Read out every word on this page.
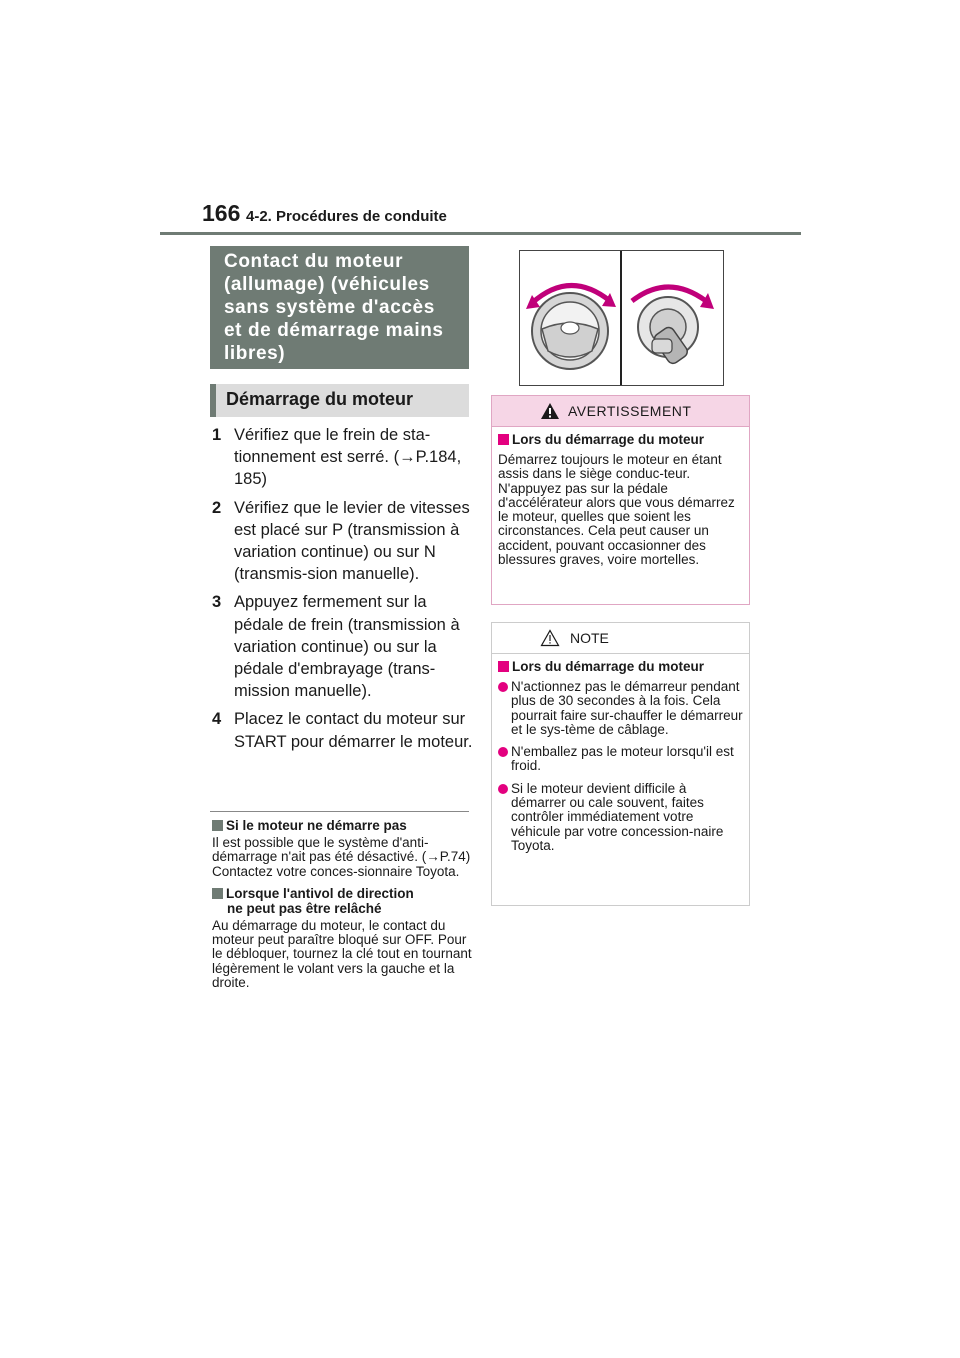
166 4-2. Procédures de conduite
Contact du moteur (allumage) (véhicules sans système d'accès et de démarrage mains libres)
Démarrage du moteur
1 Vérifiez que le frein de sta-tionnement est serré. (→P.184, 185)
2 Vérifiez que le levier de vitesses est placé sur P (transmission à variation continue) ou sur N (transmis-sion manuelle).
3 Appuyez fermement sur la pédale de frein (transmission à variation continue) ou sur la pédale d'embrayage (trans-mission manuelle).
4 Placez le contact du moteur sur START pour démarrer le moteur.
Si le moteur ne démarre pas
Il est possible que le système d'anti-démarrage n'ait pas été désactivé. (→P.74) Contactez votre conces-sionnaire Toyota.
Lorsque l'antivol de direction
ne peut pas être relâché
Au démarrage du moteur, le contact du moteur peut paraître bloqué sur OFF. Pour le débloquer, tournez la clé tout en tournant légèrement le volant vers la gauche et la droite.
AVERTISSEMENT
Lors du démarrage du moteur
Démarrez toujours le moteur en étant assis dans le siège conduc-teur. N'appuyez pas sur la pédale d'accélérateur alors que vous démarrez le moteur, quelles que soient les circonstances. Cela peut causer un accident, pouvant occasionner des blessures graves, voire mortelles.
NOTE
Lors du démarrage du moteur
N'actionnez pas le démarreur pendant plus de 30 secondes à la fois. Cela pourrait faire sur-chauffer le démarreur et le sys-tème de câblage.
N'emballez pas le moteur lorsqu'il est froid.
Si le moteur devient difficile à démarrer ou cale souvent, faites contrôler immédiatement votre véhicule par votre concession-naire Toyota.
